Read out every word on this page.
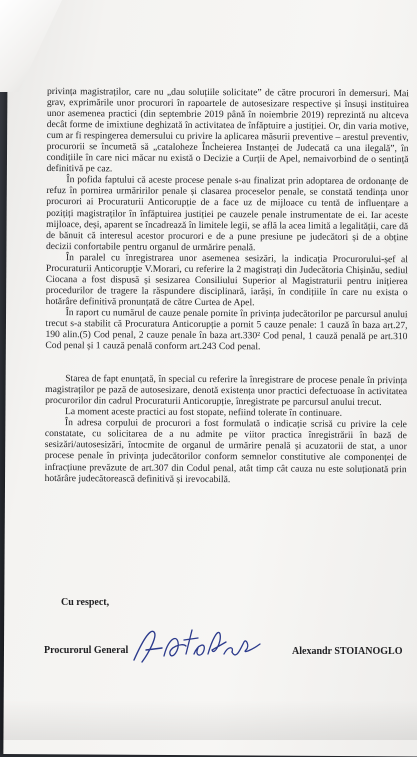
privința magistraților, care nu „dau soluțiile solicitate” de către procurori în demersuri. Mai grav, exprimările unor procurori în rapoartele de autosesizare respective și însuși instituirea unor asemenea practici (din septembrie 2019 până în noiembrie 2019) reprezintă nu altceva decât forme de imixtiune deghizată în activitatea de înfăptuire a justiției. Or, din varia motive, cum ar fi respingerea demersului cu privire la aplicarea măsurii preventive – arestul preventiv, procurorii se încumetă să „cataloheze Încheierea Instanței de Judecată ca una ilegală”, în condițiile în care nici măcar nu există o Decizie a Curții de Apel, nemaivorbind de o sentință definitivă pe caz.

În pofida faptului că aceste procese penale s-au finalizat prin adoptarea de ordonanțe de refuz în pornirea urmăririlor penale și clasarea proceselor penale, se constată tendința unor procurori ai Procuraturii Anticorupție de a face uz de mijloace cu tentă de influențare a pozițiți magistraților în înfăptuirea justiției pe cauzele penale instrumentate de ei. Iar aceste mijloace, deși, aparent se încadrează în limitele legii, se află la acea limită a legalității, care dă de bănuit că interesul acestor procurori e de a pune presiune pe judecători și de a obține decizii confortabile pentru organul de urmărire penală.

În paralel cu înregistrarea unor asemenea sesizări, la indicația Procurorului-șef al Procuraturii Anticorupție V.Morari, cu referire la 2 magistrați din Judecătoria Chișinău, sediul Ciocana a fost dispusă și sesizarea Consiliului Superior al Magistraturii pentru inițierea procedurilor de tragere la răspundere disciplinară, iarăși, în condițiile în care nu exista o hotărâre definitivă pronunțată de către Curtea de Apel.

În raport cu numărul de cauze penale pornite în privința judecătorilor pe parcursul anului trecut s-a stabilit că Procuratura Anticorupție a pornit 5 cauze penale: 1 cauză în baza art.27, 190 alin.(5) Cod penal, 2 cauze penale în baza art.330² Cod penal, 1 cauză penală pe art.310 Cod penal și 1 cauză penală conform art.243 Cod penal.

Starea de fapt enunțată, în special cu referire la înregistrare de procese penale în privința magistraților pe pază de autosesizare, denotă existența unor practici defectuoase în activitatea procurorilor din cadrul Procuraturii Anticorupție, înregistrate pe parcursul anului trecut.

La moment aceste practici au fost stopate, nefiind tolerate în continuare.

În adresa corpului de procurori a fost formulată o indicație scrisă cu privire la cele constatate, cu solicitarea de a nu admite pe viitor practica înregistrării în bază de sesizări/autosesizări, întocmite de organul de urmărire penală și acuzatorii de stat, a unor procese penale în privința judecătorilor conform semnelor constitutive ale componenței de infracțiune prevăzute de art.307 din Codul penal, atât timp cât cauza nu este soluționată prin hotărâre judecătorească definitivă și irevocabilă.

Cu respect,
Procurorul General	Alexandr STOIANOGLO
